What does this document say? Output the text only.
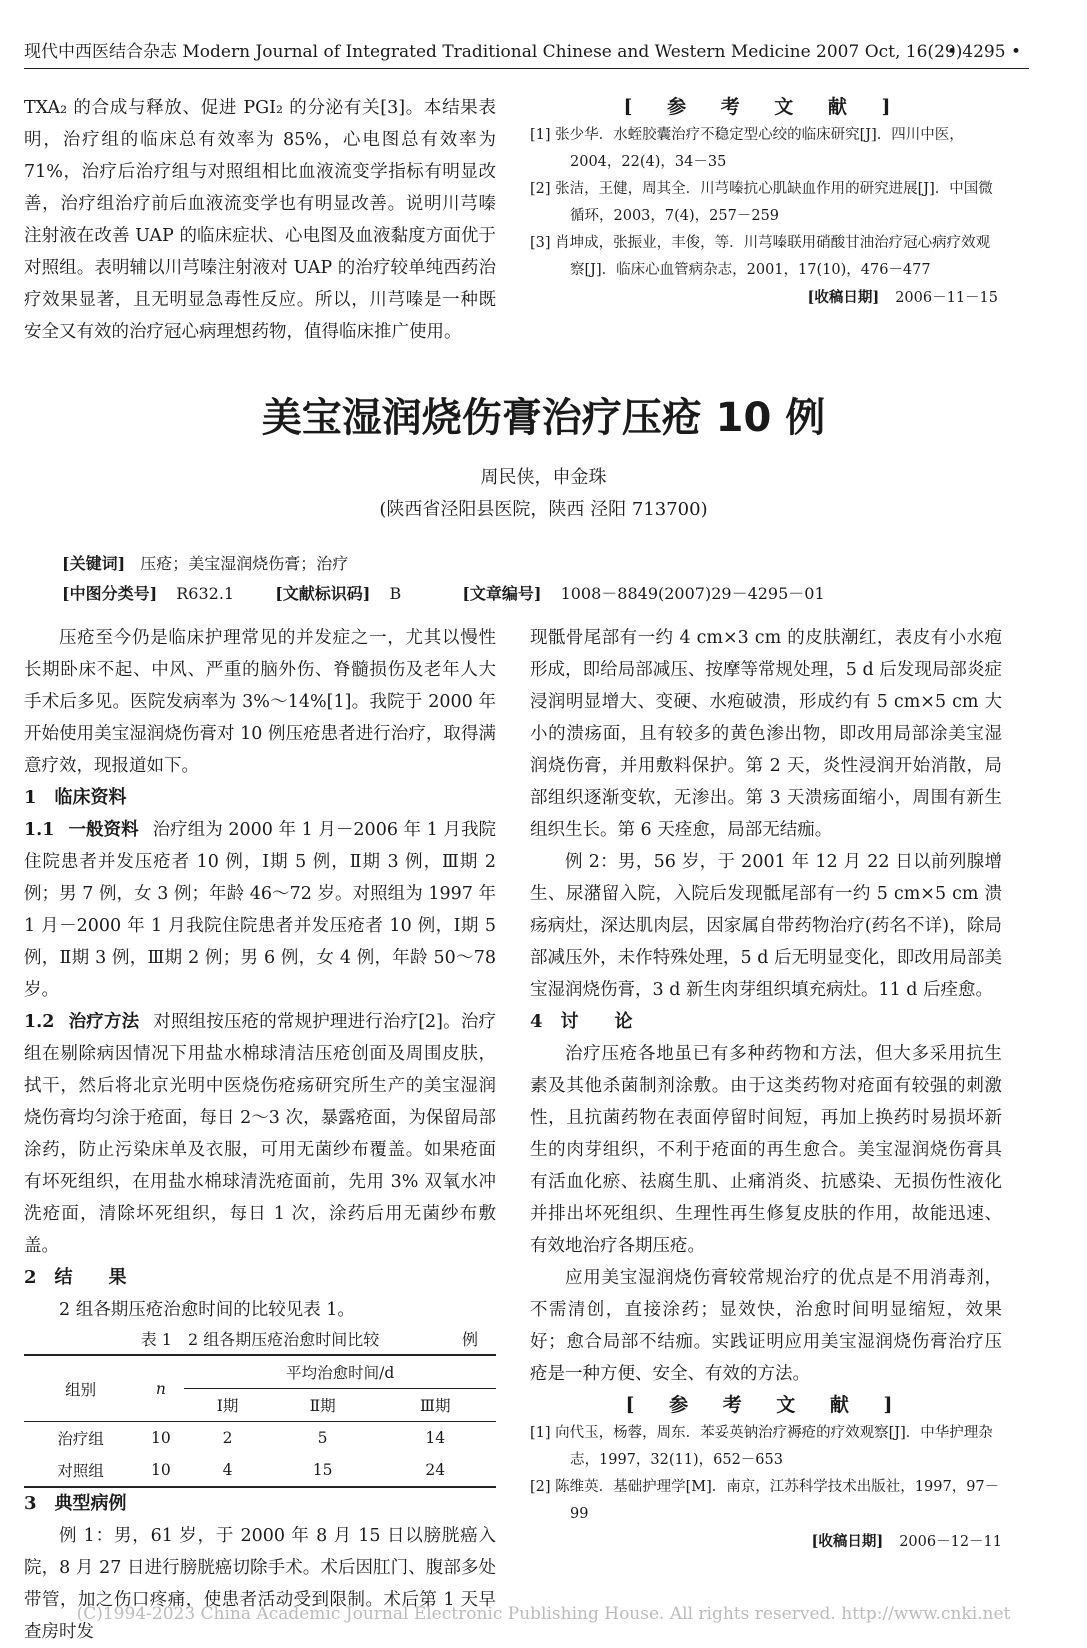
现代中西医结合杂志 Modern Journal of Integrated Traditional Chinese and Western Medicine 2007 Oct, 16(29)
• 4295 •

TXA₂ 的合成与释放、促进 PGI₂ 的分泌有关[3]。本结果表明，治疗组的临床总有效率为 85%，心电图总有效率为 71%，治疗后治疗组与对照组相比血液流变学指标有明显改善，治疗组治疗前后血液流变学也有明显改善。说明川芎嗪注射液在改善 UAP 的临床症状、心电图及血液黏度方面优于对照组。表明辅以川芎嗪注射液对 UAP 的治疗较单纯西药治疗效果显著，且无明显急毒性反应。所以，川芎嗪是一种既安全又有效的治疗冠心病理想药物，值得临床推广使用。

[ 参 考 文 献 ]

[1] 张少华．水蛭胶囊治疗不稳定型心绞的临床研究[J]．四川中医，2004，22(4)，34－35

[2] 张洁，王健，周其全．川芎嗪抗心肌缺血作用的研究进展[J]．中国微循环，2003，7(4)，257－259

[3] 肖坤成，张振业，丰俊，等．川芎嗪联用硝酸甘油治疗冠心病疗效观察[J]．临床心血管病杂志，2001，17(10)，476－477

[收稿日期] 2006－11－15

美宝湿润烧伤膏治疗压疮 10 例
周民侠，申金珠
(陕西省泾阳县医院，陕西 泾阳 713700)
[关键词] 压疮；美宝湿润烧伤膏；治疗
[中图分类号] R632.1	[文献标识码] B	[文章编号] 1008－8849(2007)29－4295－01

压疮至今仍是临床护理常见的并发症之一，尤其以慢性长期卧床不起、中风、严重的脑外伤、脊髓损伤及老年人大手术后多见。医院发病率为 3%～14%[1]。我院于 2000 年开始使用美宝湿润烧伤膏对 10 例压疮患者进行治疗，取得满意疗效，现报道如下。

1　临床资料

1.1 一般资料 治疗组为 2000 年 1 月－2006 年 1 月我院住院患者并发压疮者 10 例，Ⅰ期 5 例，Ⅱ期 3 例，Ⅲ期 2 例；男 7 例，女 3 例；年龄 46～72 岁。对照组为 1997 年 1 月－2000 年 1 月我院住院患者并发压疮者 10 例，Ⅰ期 5 例，Ⅱ期 3 例，Ⅲ期 2 例；男 6 例，女 4 例，年龄 50～78 岁。

1.2 治疗方法 对照组按压疮的常规护理进行治疗[2]。治疗组在剔除病因情况下用盐水棉球清洁压疮创面及周围皮肤，拭干，然后将北京光明中医烧伤疮疡研究所生产的美宝湿润烧伤膏均匀涂于疮面，每日 2～3 次，暴露疮面，为保留局部涂药，防止污染床单及衣服，可用无菌纱布覆盖。如果疮面有坏死组织，在用盐水棉球清洗疮面前，先用 3% 双氧水冲洗疮面，清除坏死组织，每日 1 次，涂药后用无菌纱布敷盖。

2　结　　果

2 组各期压疮治愈时间的比较见表 1。

表 1　2 组各期压疮治愈时间比较	例

组别	n	平均治愈时间/d		
		Ⅰ期	Ⅱ期	Ⅲ期
治疗组	10	2	5	14
对照组	10	4	15	24

3　典型病例

例 1：男，61 岁，于 2000 年 8 月 15 日以膀胱癌入院，8 月 27 日进行膀胱癌切除手术。术后因肛门、腹部多处带管，加之伤口疼痛，使患者活动受到限制。术后第 1 天早查房时发

现骶骨尾部有一约 4 cm×3 cm 的皮肤潮红，表皮有小水疱形成，即给局部减压、按摩等常规处理，5 d 后发现局部炎症浸润明显增大、变硬、水疱破溃，形成约有 5 cm×5 cm 大小的溃疡面，且有较多的黄色渗出物，即改用局部涂美宝湿润烧伤膏，并用敷料保护。第 2 天，炎性浸润开始消散，局部组织逐渐变软，无渗出。第 3 天溃疡面缩小，周围有新生组织生长。第 6 天痊愈，局部无结痂。

例 2：男，56 岁，于 2001 年 12 月 22 日以前列腺增生、尿潴留入院，入院后发现骶尾部有一约 5 cm×5 cm 溃疡病灶，深达肌肉层，因家属自带药物治疗(药名不详)，除局部减压外，未作特殊处理，5 d 后无明显变化，即改用局部美宝湿润烧伤膏，3 d 新生肉芽组织填充病灶。11 d 后痊愈。

4　讨　　论

治疗压疮各地虽已有多种药物和方法，但大多采用抗生素及其他杀菌制剂涂敷。由于这类药物对疮面有较强的刺激性，且抗菌药物在表面停留时间短，再加上换药时易损坏新生的肉芽组织，不利于疮面的再生愈合。美宝湿润烧伤膏具有活血化瘀、祛腐生肌、止痛消炎、抗感染、无损伤性液化并排出坏死组织、生理性再生修复皮肤的作用，故能迅速、有效地治疗各期压疮。

应用美宝湿润烧伤膏较常规治疗的优点是不用消毒剂，不需清创，直接涂药；显效快，治愈时间明显缩短，效果好；愈合局部不结痂。实践证明应用美宝湿润烧伤膏治疗压疮是一种方便、安全、有效的方法。

[ 参 考 文 献 ]

[1] 向代玉，杨蓉，周东．苯妥英钠治疗褥疮的疗效观察[J]．中华护理杂志，1997，32(11)，652－653

[2] 陈维英．基础护理学[M]．南京，江苏科学技术出版社，1997，97－99

[收稿日期] 2006－12－11

(C)1994-2023 China Academic Journal Electronic Publishing House. All rights reserved. http://www.cnki.net
